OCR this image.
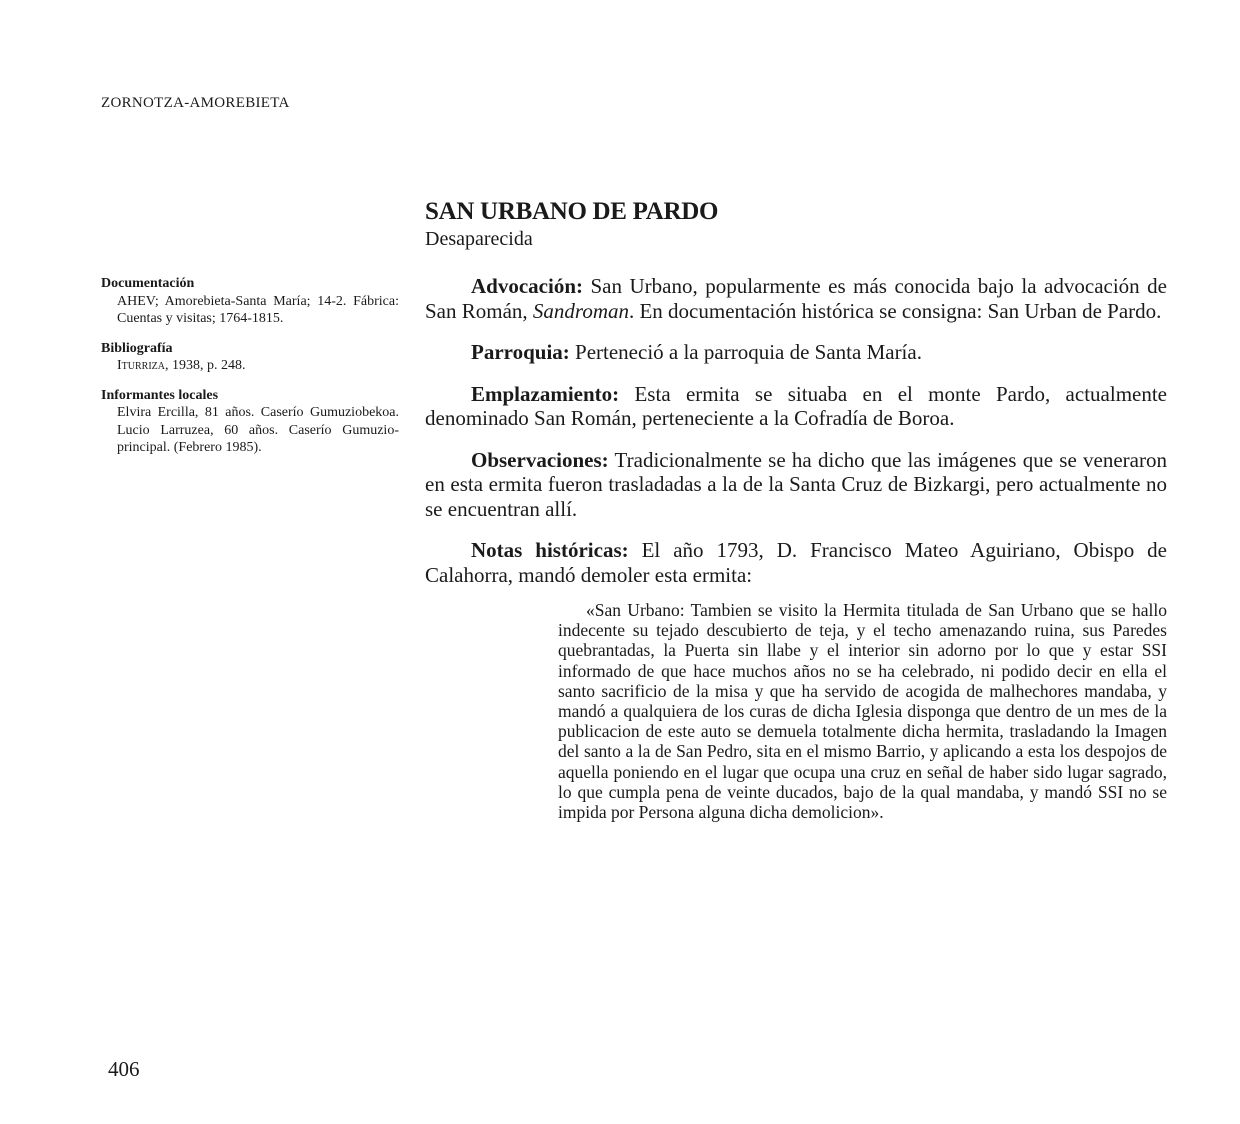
ZORNOTZA-AMOREBIETA
Documentación
AHEV; Amorebieta-Santa María; 14-2. Fábrica: Cuentas y visitas; 1764-1815.
Bibliografía
Iturriza, 1938, p. 248.
Informantes locales
Elvira Ercilla, 81 años. Caserío Gumuziobekoa. Lucio Larruzea, 60 años. Caserío Gumuzio-principal. (Febrero 1985).
SAN URBANO DE PARDO
Desaparecida

Advocación: San Urbano, popularmente es más conocida bajo la advocación de San Román, Sandroman. En documentación histórica se consigna: San Urban de Pardo.

Parroquia: Perteneció a la parroquia de Santa María.

Emplazamiento: Esta ermita se situaba en el monte Pardo, actualmente denominado San Román, perteneciente a la Cofradía de Boroa.

Observaciones: Tradicionalmente se ha dicho que las imágenes que se veneraron en esta ermita fueron trasladadas a la de la Santa Cruz de Bizkargi, pero actualmente no se encuentran allí.

Notas históricas: El año 1793, D. Francisco Mateo Aguiriano, Obispo de Calahorra, mandó demoler esta ermita:

«San Urbano: Tambien se visito la Hermita titulada de San Urbano que se hallo indecente su tejado descubierto de teja, y el techo amenazando ruina, sus Paredes quebrantadas, la Puerta sin llabe y el interior sin adorno por lo que y estar SSI informado de que hace muchos años no se ha celebrado, ni podido decir en ella el santo sacrificio de la misa y que ha servido de acogida de malhechores mandaba, y mandó a qualquiera de los curas de dicha Iglesia disponga que dentro de un mes de la publicacion de este auto se demuela totalmente dicha hermita, trasladando la Imagen del santo a la de San Pedro, sita en el mismo Barrio, y aplicando a esta los despojos de aquella poniendo en el lugar que ocupa una cruz en señal de haber sido lugar sagrado, lo que cumpla pena de veinte ducados, bajo de la qual mandaba, y mandó SSI no se impida por Persona alguna dicha demolicion».
406
